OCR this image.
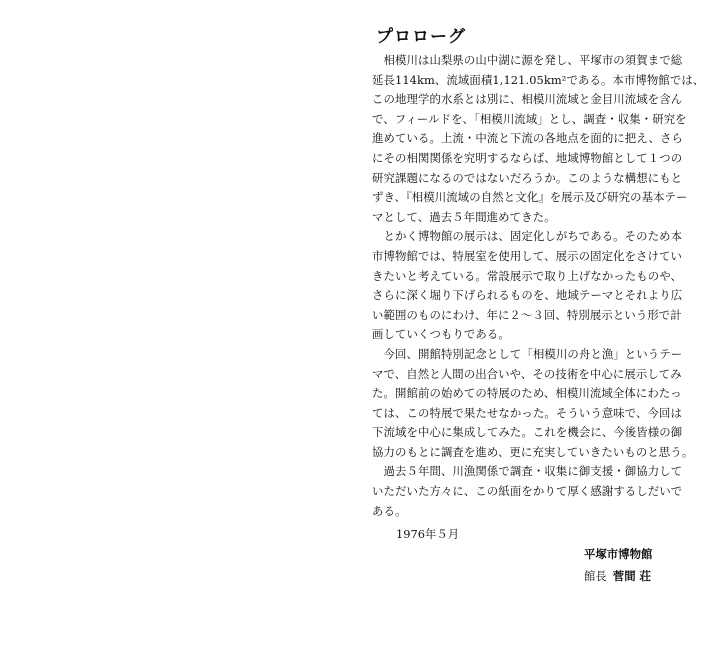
プロローグ
　相模川は山梨県の山中湖に源を発し、平塚市の須賀まで総
延長114km、流域面積1,121.05km²である。本市博物館では、
この地理学的水系とは別に、相模川流域と金目川流域を含ん
で、フィールドを、「相模川流域」とし、調査・収集・研究を
進めている。上流・中流と下流の各地点を面的に把え、さら
にその相関関係を究明するならば、地域博物館として１つの
研究課題になるのではないだろうか。このような構想にもと
ずき、『相模川流域の自然と文化』を展示及び研究の基本テー
マとして、過去５年間進めてきた。
　とかく博物館の展示は、固定化しがちである。そのため本
市博物館では、特展室を使用して、展示の固定化をさけてい
きたいと考えている。常設展示で取り上げなかったものや、
さらに深く堀り下げられるものを、地域テーマとそれより広
い範囲のものにわけ、年に２～３回、特別展示という形で計
画していくつもりである。
　今回、開館特別記念として「相模川の舟と漁」というテー
マで、自然と人間の出合いや、その技術を中心に展示してみ
た。開館前の始めての特展のため、相模川流域全体にわたっ
ては、この特展で果たせなかった。そういう意味で、今回は
下流域を中心に集成してみた。これを機会に、今後皆様の御
協力のもとに調査を進め、更に充実していきたいものと思う。
　過去５年間、川漁関係で調査・収集に御支援・御協力して
いただいた方々に、この紙面をかりて厚く感謝するしだいで
ある。
1976年５月
平塚市博物館
館長 菅間 荘
